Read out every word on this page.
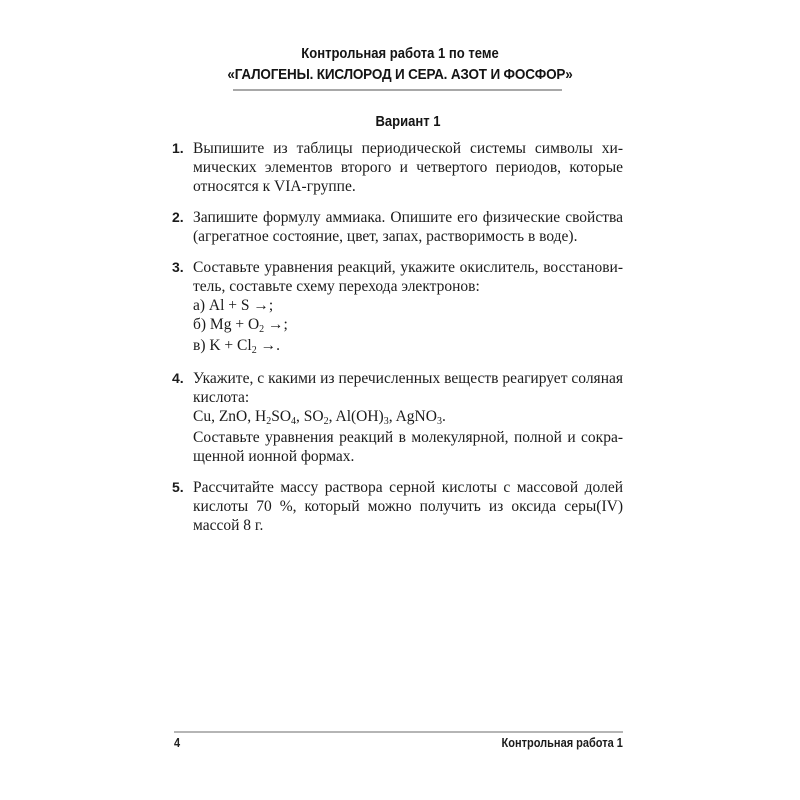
Контрольная работа 1 по теме
«ГАЛОГЕНЫ. КИСЛОРОД И СЕРА. АЗОТ И ФОСФОР»
Вариант 1
1. Выпишите из таблицы периодической системы символы хи-
мических элементов второго и четвертого периодов, которые
относятся к VIA-группе.
2. Запишите формулу аммиака. Опишите его физические свойства
(агрегатное состояние, цвет, запах, растворимость в воде).
3. Составьте уравнения реакций, укажите окислитель, восстанови-
тель, составьте схему перехода электронов:
а) Al + S →;
б) Mg + O2 →;
в) K + Cl2 →.
4. Укажите, с какими из перечисленных веществ реагирует соляная
кислота:
Cu, ZnO, H2SO4, SO2, Al(OH)3, AgNO3.
Составьте уравнения реакций в молекулярной, полной и сокра-
щенной ионной формах.
5. Рассчитайте массу раствора серной кислоты с массовой долей
кислоты 70 %, который можно получить из оксида серы(IV)
массой 8 г.
4	Контрольная работа 1
